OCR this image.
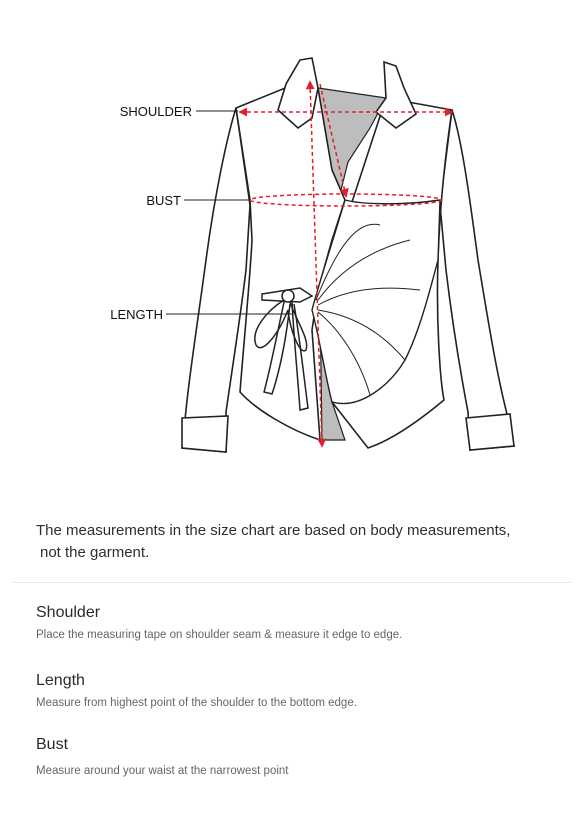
SHOULDER
BUST
LENGTH
The measurements in the size chart are based on body measurements,
not the garment.
Shoulder
Place the measuring tape on shoulder seam & measure it edge to edge.
Length
Measure from highest point of the shoulder to the bottom edge.
Bust
Measure around your waist at the narrowest point
